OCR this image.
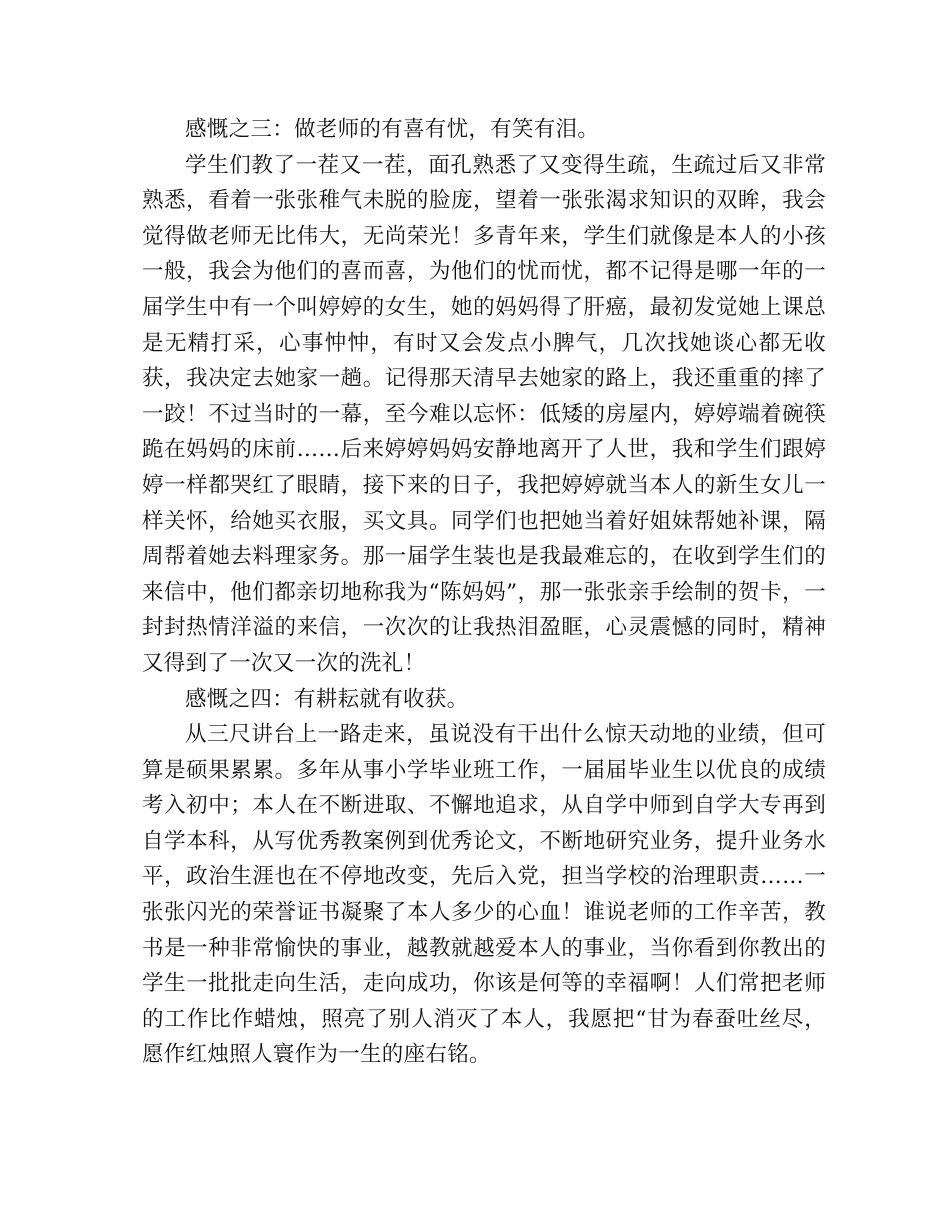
感慨之三：做老师的有喜有忧，有笑有泪。

学生们教了一茬又一茬，面孔熟悉了又变得生疏，生疏过后又非常熟悉，看着一张张稚气未脱的脸庞，望着一张张渴求知识的双眸，我会觉得做老师无比伟大，无尚荣光！多青年来，学生们就像是本人的小孩一般，我会为他们的喜而喜，为他们的忧而忧，都不记得是哪一年的一届学生中有一个叫婷婷的女生，她的妈妈得了肝癌，最初发觉她上课总是无精打采，心事忡忡，有时又会发点小脾气，几次找她谈心都无收获，我决定去她家一趟。记得那天清早去她家的路上，我还重重的摔了一跤！不过当时的一幕，至今难以忘怀：低矮的房屋内，婷婷端着碗筷跪在妈妈的床前……后来婷婷妈妈安静地离开了人世，我和学生们跟婷婷一样都哭红了眼睛，接下来的日子，我把婷婷就当本人的新生女儿一样关怀，给她买衣服，买文具。同学们也把她当着好姐妹帮她补课，隔周帮着她去料理家务。那一届学生装也是我最难忘的，在收到学生们的来信中，他们都亲切地称我为“陈妈妈”，那一张张亲手绘制的贺卡，一封封热情洋溢的来信，一次次的让我热泪盈眶，心灵震憾的同时，精神又得到了一次又一次的洗礼！

感慨之四：有耕耘就有收获。

从三尺讲台上一路走来，虽说没有干出什么惊天动地的业绩，但可算是硕果累累。多年从事小学毕业班工作，一届届毕业生以优良的成绩考入初中；本人在不断进取、不懈地追求，从自学中师到自学大专再到自学本科，从写优秀教案例到优秀论文，不断地研究业务，提升业务水平，政治生涯也在不停地改变，先后入党，担当学校的治理职责……一张张闪光的荣誉证书凝聚了本人多少的心血！谁说老师的工作辛苦，教书是一种非常愉快的事业，越教就越爱本人的事业，当你看到你教出的学生一批批走向生活，走向成功，你该是何等的幸福啊！人们常把老师的工作比作蜡烛，照亮了别人消灭了本人，我愿把“甘为春蚕吐丝尽，愿作红烛照人寰作为一生的座右铭。
